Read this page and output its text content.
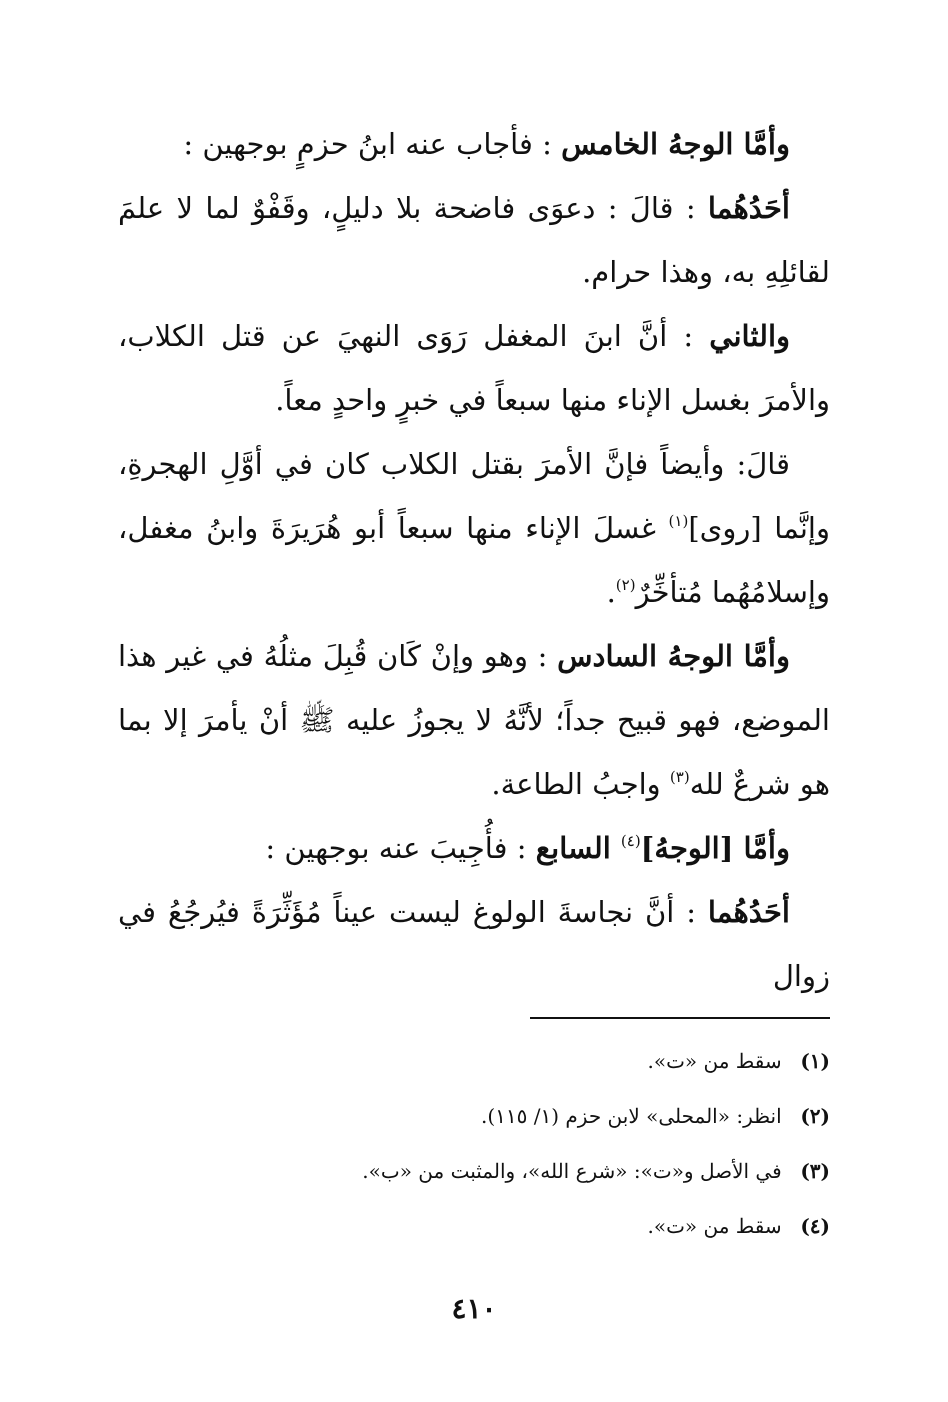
وأمَّا الوجهُ الخامس : فأجاب عنه ابنُ حزمٍ بوجهين :

أحَدُهُما : قالَ : دعوَى فاضحة بلا دليلٍ، وقَفْوٌ لما لا علمَ لقائلِهِ به، وهذا حرام.

والثاني : أنَّ ابنَ المغفل رَوَى النهيَ عن قتل الكلاب، والأمرَ بغسل الإناء منها سبعاً في خبرٍ واحدٍ معاً.

قالَ: وأيضاً فإنَّ الأمرَ بقتل الكلاب كان في أوَّلِ الهجرةِ، وإنَّما [روى]$^{(١)}$ غسلَ الإناء منها سبعاً أبو هُرَيرَةَ وابنُ مغفل، وإسلامُهُما مُتأخِّرٌ$^{(٢)}$.

وأمَّا الوجهُ السادس : وهو وإنْ كَان قُبِلَ مثلُهُ في غير هذا الموضع، فهو قبيح جداً؛ لأنَّهُ لا يجوزُ عليه ﷺ أنْ يأمرَ إلا بما هو شرعٌ لله$^{(٣)}$ واجبُ الطاعة.

وأمَّا [الوجهُ]$^{(٤)}$ السابع : فأُجِيبَ عنه بوجهين :

أحَدُهُما : أنَّ نجاسةَ الولوغ ليست عيناً مُؤَثِّرَةً فيُرجُعُ في زوال

(١) سقط من «ت».
(٢) انظر: «المحلى» لابن حزم (١/ ١١٥).
(٣) في الأصل و«ت»: «شرع الله»، والمثبت من «ب».
(٤) سقط من «ت».
٤١٠
